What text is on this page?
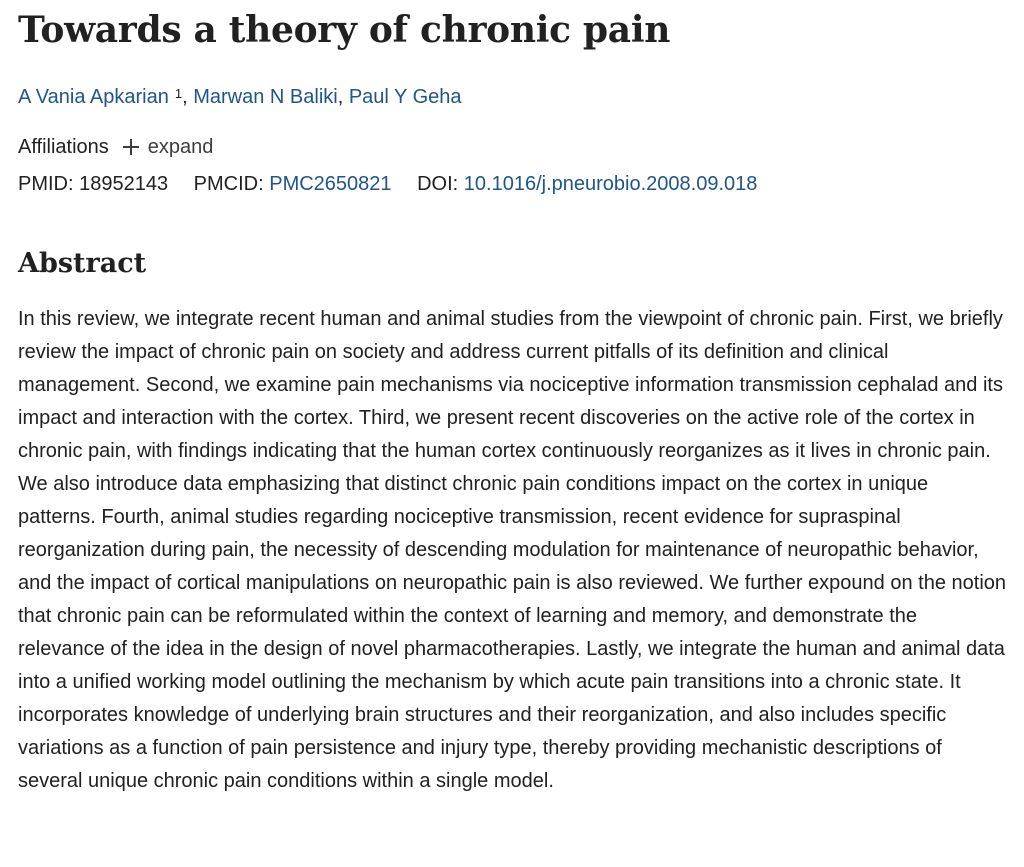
Towards a theory of chronic pain
A Vania Apkarian $^1$, Marwan N Baliki, Paul Y Geha
Affiliations expand
PMID: 18952143 PMCID: PMC2650821 DOI: 10.1016/j.pneurobio.2008.09.018
Abstract

In this review, we integrate recent human and animal studies from the viewpoint of chronic pain. First, we briefly review the impact of chronic pain on society and address current pitfalls of its definition and clinical management. Second, we examine pain mechanisms via nociceptive information transmission cephalad and its impact and interaction with the cortex. Third, we present recent discoveries on the active role of the cortex in chronic pain, with findings indicating that the human cortex continuously reorganizes as it lives in chronic pain. We also introduce data emphasizing that distinct chronic pain conditions impact on the cortex in unique patterns. Fourth, animal studies regarding nociceptive transmission, recent evidence for supraspinal reorganization during pain, the necessity of descending modulation for maintenance of neuropathic behavior, and the impact of cortical manipulations on neuropathic pain is also reviewed. We further expound on the notion that chronic pain can be reformulated within the context of learning and memory, and demonstrate the relevance of the idea in the design of novel pharmacotherapies. Lastly, we integrate the human and animal data into a unified working model outlining the mechanism by which acute pain transitions into a chronic state. It incorporates knowledge of underlying brain structures and their reorganization, and also includes specific variations as a function of pain persistence and injury type, thereby providing mechanistic descriptions of several unique chronic pain conditions within a single model.
